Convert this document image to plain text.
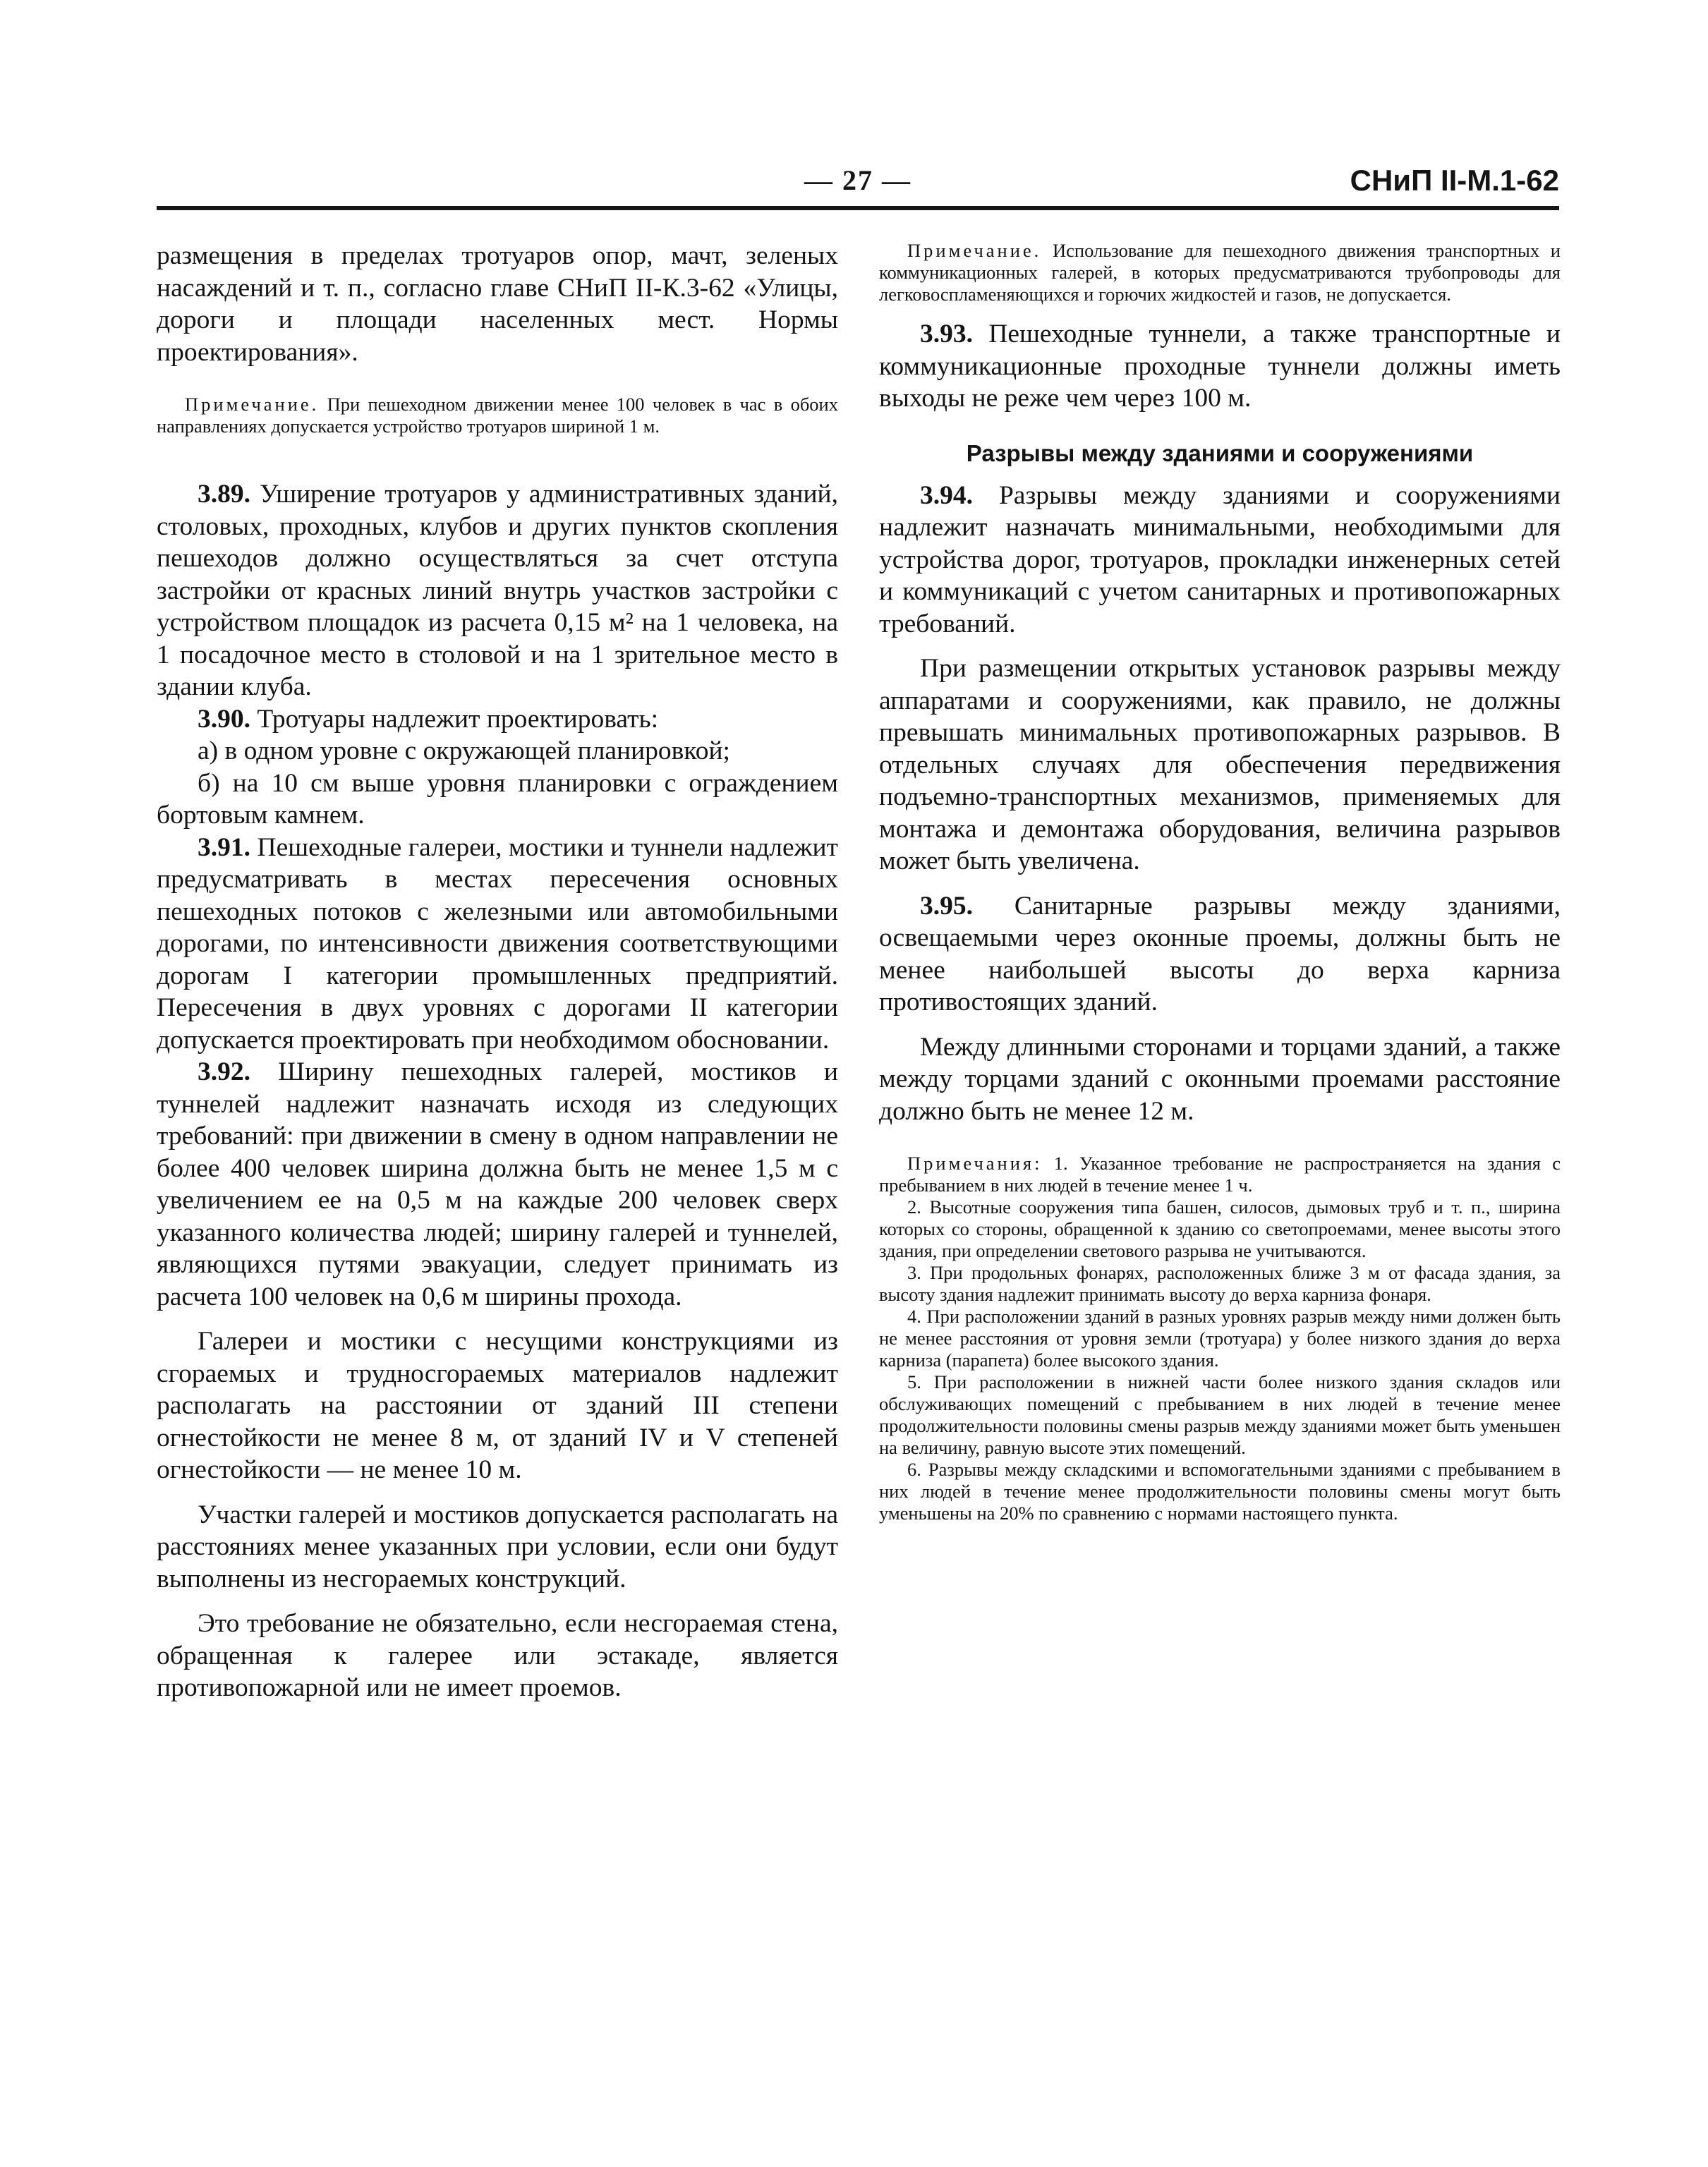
— 27 —	СНиП II-М.1-62

размещения в пределах тротуаров опор, мачт, зеленых насаждений и т. п., согласно главе СНиП II-К.3-62 «Улицы, дороги и площади населенных мест. Нормы проектирования».

Примечание. При пешеходном движении менее 100 человек в час в обоих направлениях допускается устройство тротуаров шириной 1 м.

3.89. Уширение тротуаров у административных зданий, столовых, проходных, клубов и других пунктов скопления пешеходов должно осуществляться за счет отступа застройки от красных линий внутрь участков застройки с устройством площадок из расчета 0,15 м² на 1 человека, на 1 посадочное место в столовой и на 1 зрительное место в здании клуба.

3.90. Тротуары надлежит проектировать:

а) в одном уровне с окружающей планировкой;

б) на 10 см выше уровня планировки с ограждением бортовым камнем.

3.91. Пешеходные галереи, мостики и туннели надлежит предусматривать в местах пересечения основных пешеходных потоков с железными или автомобильными дорогами, по интенсивности движения соответствующими дорогам I категории промышленных предприятий. Пересечения в двух уровнях с дорогами II категории допускается проектировать при необходимом обосновании.

3.92. Ширину пешеходных галерей, мостиков и туннелей надлежит назначать исходя из следующих требований: при движении в смену в одном направлении не более 400 человек ширина должна быть не менее 1,5 м с увеличением ее на 0,5 м на каждые 200 человек сверх указанного количества людей; ширину галерей и туннелей, являющихся путями эвакуации, следует принимать из расчета 100 человек на 0,6 м ширины прохода.

Галереи и мостики с несущими конструкциями из сгораемых и трудносгораемых материалов надлежит располагать на расстоянии от зданий III степени огнестойкости не менее 8 м, от зданий IV и V степеней огнестойкости — не менее 10 м.

Участки галерей и мостиков допускается располагать на расстояниях менее указанных при условии, если они будут выполнены из несгораемых конструкций.

Это требование не обязательно, если несгораемая стена, обращенная к галерее или эстакаде, является противопожарной или не имеет проемов.

Примечание. Использование для пешеходного движения транспортных и коммуникационных галерей, в которых предусматриваются трубопроводы для легковоспламеняющихся и горючих жидкостей и газов, не допускается.

3.93. Пешеходные туннели, а также транспортные и коммуникационные проходные туннели должны иметь выходы не реже чем через 100 м.

Разрывы между зданиями и сооружениями

3.94. Разрывы между зданиями и сооружениями надлежит назначать минимальными, необходимыми для устройства дорог, тротуаров, прокладки инженерных сетей и коммуникаций с учетом санитарных и противопожарных требований.

При размещении открытых установок разрывы между аппаратами и сооружениями, как правило, не должны превышать минимальных противопожарных разрывов. В отдельных случаях для обеспечения передвижения подъемно-транспортных механизмов, применяемых для монтажа и демонтажа оборудования, величина разрывов может быть увеличена.

3.95. Санитарные разрывы между зданиями, освещаемыми через оконные проемы, должны быть не менее наибольшей высоты до верха карниза противостоящих зданий.

Между длинными сторонами и торцами зданий, а также между торцами зданий с оконными проемами расстояние должно быть не менее 12 м.

Примечания: 1. Указанное требование не распространяется на здания с пребыванием в них людей в течение менее 1 ч.

2. Высотные сооружения типа башен, силосов, дымовых труб и т. п., ширина которых со стороны, обращенной к зданию со светопроемами, менее высоты этого здания, при определении светового разрыва не учитываются.

3. При продольных фонарях, расположенных ближе 3 м от фасада здания, за высоту здания надлежит принимать высоту до верха карниза фонаря.

4. При расположении зданий в разных уровнях разрыв между ними должен быть не менее расстояния от уровня земли (тротуара) у более низкого здания до верха карниза (парапета) более высокого здания.

5. При расположении в нижней части более низкого здания складов или обслуживающих помещений с пребыванием в них людей в течение менее продолжительности половины смены разрыв между зданиями может быть уменьшен на величину, равную высоте этих помещений.

6. Разрывы между складскими и вспомогательными зданиями с пребыванием в них людей в течение менее продолжительности половины смены могут быть уменьшены на 20% по сравнению с нормами настоящего пункта.
